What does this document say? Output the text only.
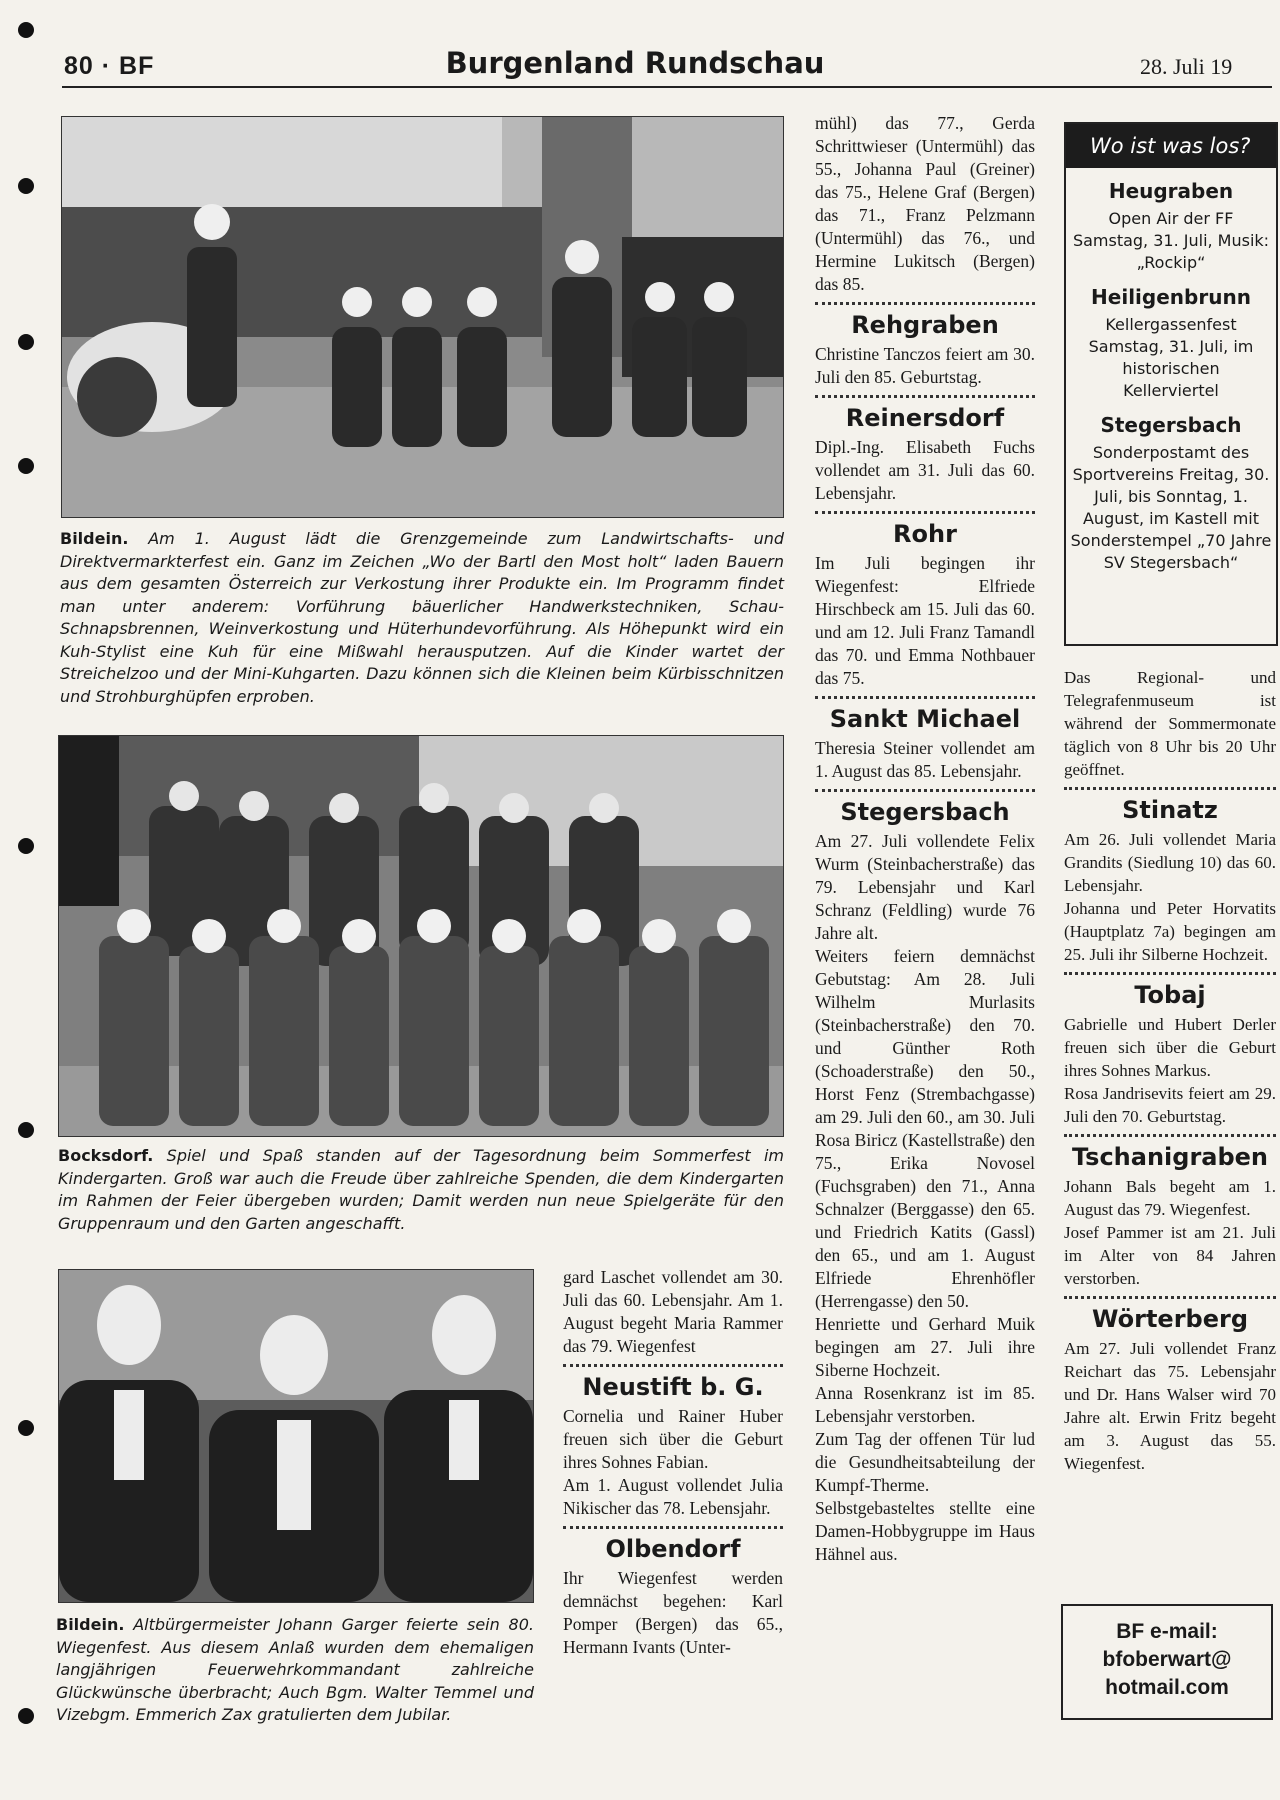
80 · BF	Burgenland Rundschau	28. Juli 19
Bildein. Am 1. August lädt die Grenzgemeinde zum Landwirtschafts- und Direktvermarkterfest ein. Ganz im Zeichen „Wo der Bartl den Most holt“ laden Bauern aus dem gesamten Österreich zur Verkostung ihrer Produkte ein. Im Programm findet man unter anderem: Vorführung bäuerlicher Handwerkstechniken, Schau-Schnapsbrennen, Weinverkostung und Hüterhundevorführung. Als Höhepunkt wird ein Kuh-Stylist eine Kuh für eine Mißwahl herausputzen. Auf die Kinder wartet der Streichelzoo und der Mini-Kuhgarten. Dazu können sich die Kleinen beim Kürbisschnitzen und Strohburghüpfen erproben.
Bocksdorf. Spiel und Spaß standen auf der Tagesordnung beim Sommerfest im Kindergarten. Groß war auch die Freude über zahlreiche Spenden, die dem Kindergarten im Rahmen der Feier übergeben wurden; Damit werden nun neue Spielgeräte für den Gruppenraum und den Garten angeschafft.
Bildein. Altbürgermeister Johann Garger feierte sein 80. Wiegenfest. Aus diesem Anlaß wurden dem ehemaligen langjährigen Feuerwehrkommandant zahlreiche Glückwünsche überbracht; Auch Bgm. Walter Temmel und Vizebgm. Emmerich Zax gratulierten dem Jubilar.

gard Laschet vollendet am 30. Juli das 60. Lebensjahr. Am 1. August begeht Maria Rammer das 79. Wiegenfest

Neustift b. G.

Cornelia und Rainer Huber freuen sich über die Geburt ihres Sohnes Fabian.

Am 1. August vollendet Julia Nikischer das 78. Lebensjahr.

Olbendorf

Ihr Wiegenfest werden demnächst begehen: Karl Pomper (Bergen) das 65., Hermann Ivants (Unter-

mühl) das 77., Gerda Schrittwieser (Untermühl) das 55., Johanna Paul (Greiner) das 75., Helene Graf (Bergen) das 71., Franz Pelzmann (Untermühl) das 76., und Hermine Lukitsch (Bergen) das 85.

Rehgraben

Christine Tanczos feiert am 30. Juli den 85. Geburtstag.

Reinersdorf

Dipl.-Ing. Elisabeth Fuchs vollendet am 31. Juli das 60. Lebensjahr.

Rohr

Im Juli begingen ihr Wiegenfest: Elfriede Hirschbeck am 15. Juli das 60. und am 12. Juli Franz Tamandl das 70. und Emma Nothbauer das 75.

Sankt Michael

Theresia Steiner vollendet am 1. August das 85. Lebensjahr.

Stegersbach

Am 27. Juli vollendete Felix Wurm (Steinbacherstraße) das 79. Lebensjahr und Karl Schranz (Feldling) wurde 76 Jahre alt.

Weiters feiern demnächst Gebutstag: Am 28. Juli Wilhelm Murlasits (Steinbacherstraße) den 70. und Günther Roth (Schoaderstraße) den 50., Horst Fenz (Strembachgasse) am 29. Juli den 60., am 30. Juli Rosa Biricz (Kastellstraße) den 75., Erika Novosel (Fuchsgraben) den 71., Anna Schnalzer (Berggasse) den 65. und Friedrich Katits (Gassl) den 65., und am 1. August Elfriede Ehrenhöfler (Herrengasse) den 50.

Henriette und Gerhard Muik begingen am 27. Juli ihre Siberne Hochzeit.

Anna Rosenkranz ist im 85. Lebensjahr verstorben.

Zum Tag der offenen Tür lud die Gesundheitsabteilung der Kumpf-Therme. Selbstgebasteltes stellte eine Damen-Hobbygruppe im Haus Hähnel aus.

Wo ist was los?
Heugraben
Open Air der FF Samstag, 31. Juli, Musik: „Rockip“
Heiligenbrunn
Kellergassenfest Samstag, 31. Juli, im historischen Kellerviertel
Stegersbach
Sonderpostamt des Sportvereins Freitag, 30. Juli, bis Sonntag, 1. August, im Kastell mit Sonderstempel „70 Jahre SV Stegersbach“

Das Regional- und Telegrafenmuseum ist während der Sommermonate täglich von 8 Uhr bis 20 Uhr geöffnet.

Stinatz

Am 26. Juli vollendet Maria Grandits (Siedlung 10) das 60. Lebensjahr.

Johanna und Peter Horvatits (Hauptplatz 7a) begingen am 25. Juli ihr Silberne Hochzeit.

Tobaj

Gabrielle und Hubert Derler freuen sich über die Geburt ihres Sohnes Markus.

Rosa Jandrisevits feiert am 29. Juli den 70. Geburtstag.

Tschanigraben

Johann Bals begeht am 1. August das 79. Wiegenfest.

Josef Pammer ist am 21. Juli im Alter von 84 Jahren verstorben.

Wörterberg

Am 27. Juli vollendet Franz Reichart das 75. Lebensjahr und Dr. Hans Walser wird 70 Jahre alt. Erwin Fritz begeht am 3. August das 55. Wiegenfest.

BF e-mail:
bfoberwart@
hotmail.com
